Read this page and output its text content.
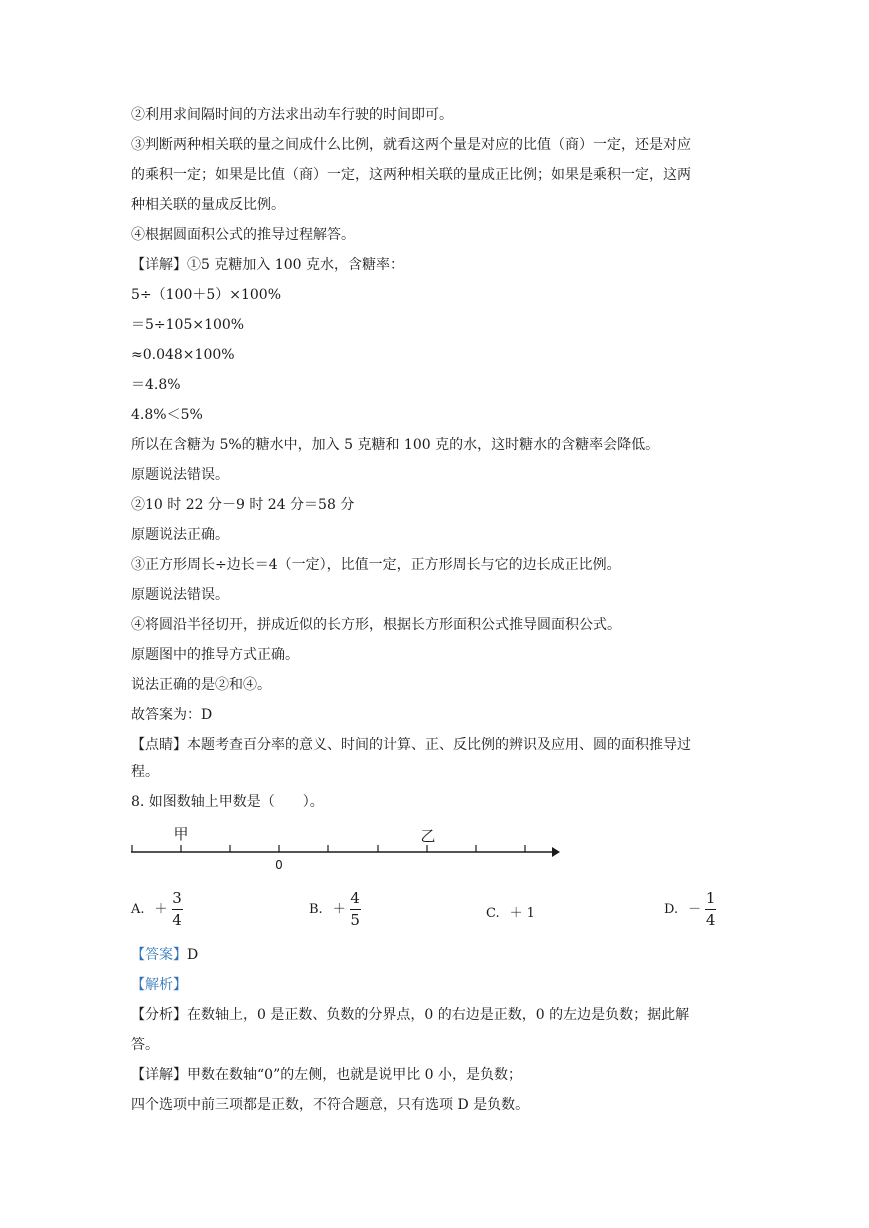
②利用求间隔时间的方法求出动车行驶的时间即可。
③判断两种相关联的量之间成什么比例，就看这两个量是对应的比值（商）一定，还是对应
的乘积一定；如果是比值（商）一定，这两种相关联的量成正比例；如果是乘积一定，这两
种相关联的量成反比例。
④根据圆面积公式的推导过程解答。
【详解】①5 克糖加入 100 克水，含糖率：
5÷（100＋5）×100%
＝5÷105×100%
≈0.048×100%
＝4.8%
4.8%＜5%
所以在含糖为 5%的糖水中，加入 5 克糖和 100 克的水，这时糖水的含糖率会降低。
原题说法错误。
②10 时 22 分－9 时 24 分＝58 分
原题说法正确。
③正方形周长÷边长＝4（一定），比值一定，正方形周长与它的边长成正比例。
原题说法错误。
④将圆沿半径切开，拼成近似的长方形，根据长方形面积公式推导圆面积公式。
原题图中的推导方式正确。
说法正确的是②和④。
故答案为：D
【点睛】本题考查百分率的意义、时间的计算、正、反比例的辨识及应用、圆的面积推导过
程。
8. 如图数轴上甲数是（　　）。
甲	乙
0
A. ＋ $\frac{3}{4}$	B. ＋ $\frac{4}{5}$	C. ＋ 1	D. － $\frac{1}{4}$
【答案】D
【解析】
【分析】在数轴上，0 是正数、负数的分界点，0 的右边是正数，0 的左边是负数；据此解
答。
【详解】甲数在数轴“0”的左侧，也就是说甲比 0 小，是负数；
四个选项中前三项都是正数，不符合题意，只有选项 D 是负数。
